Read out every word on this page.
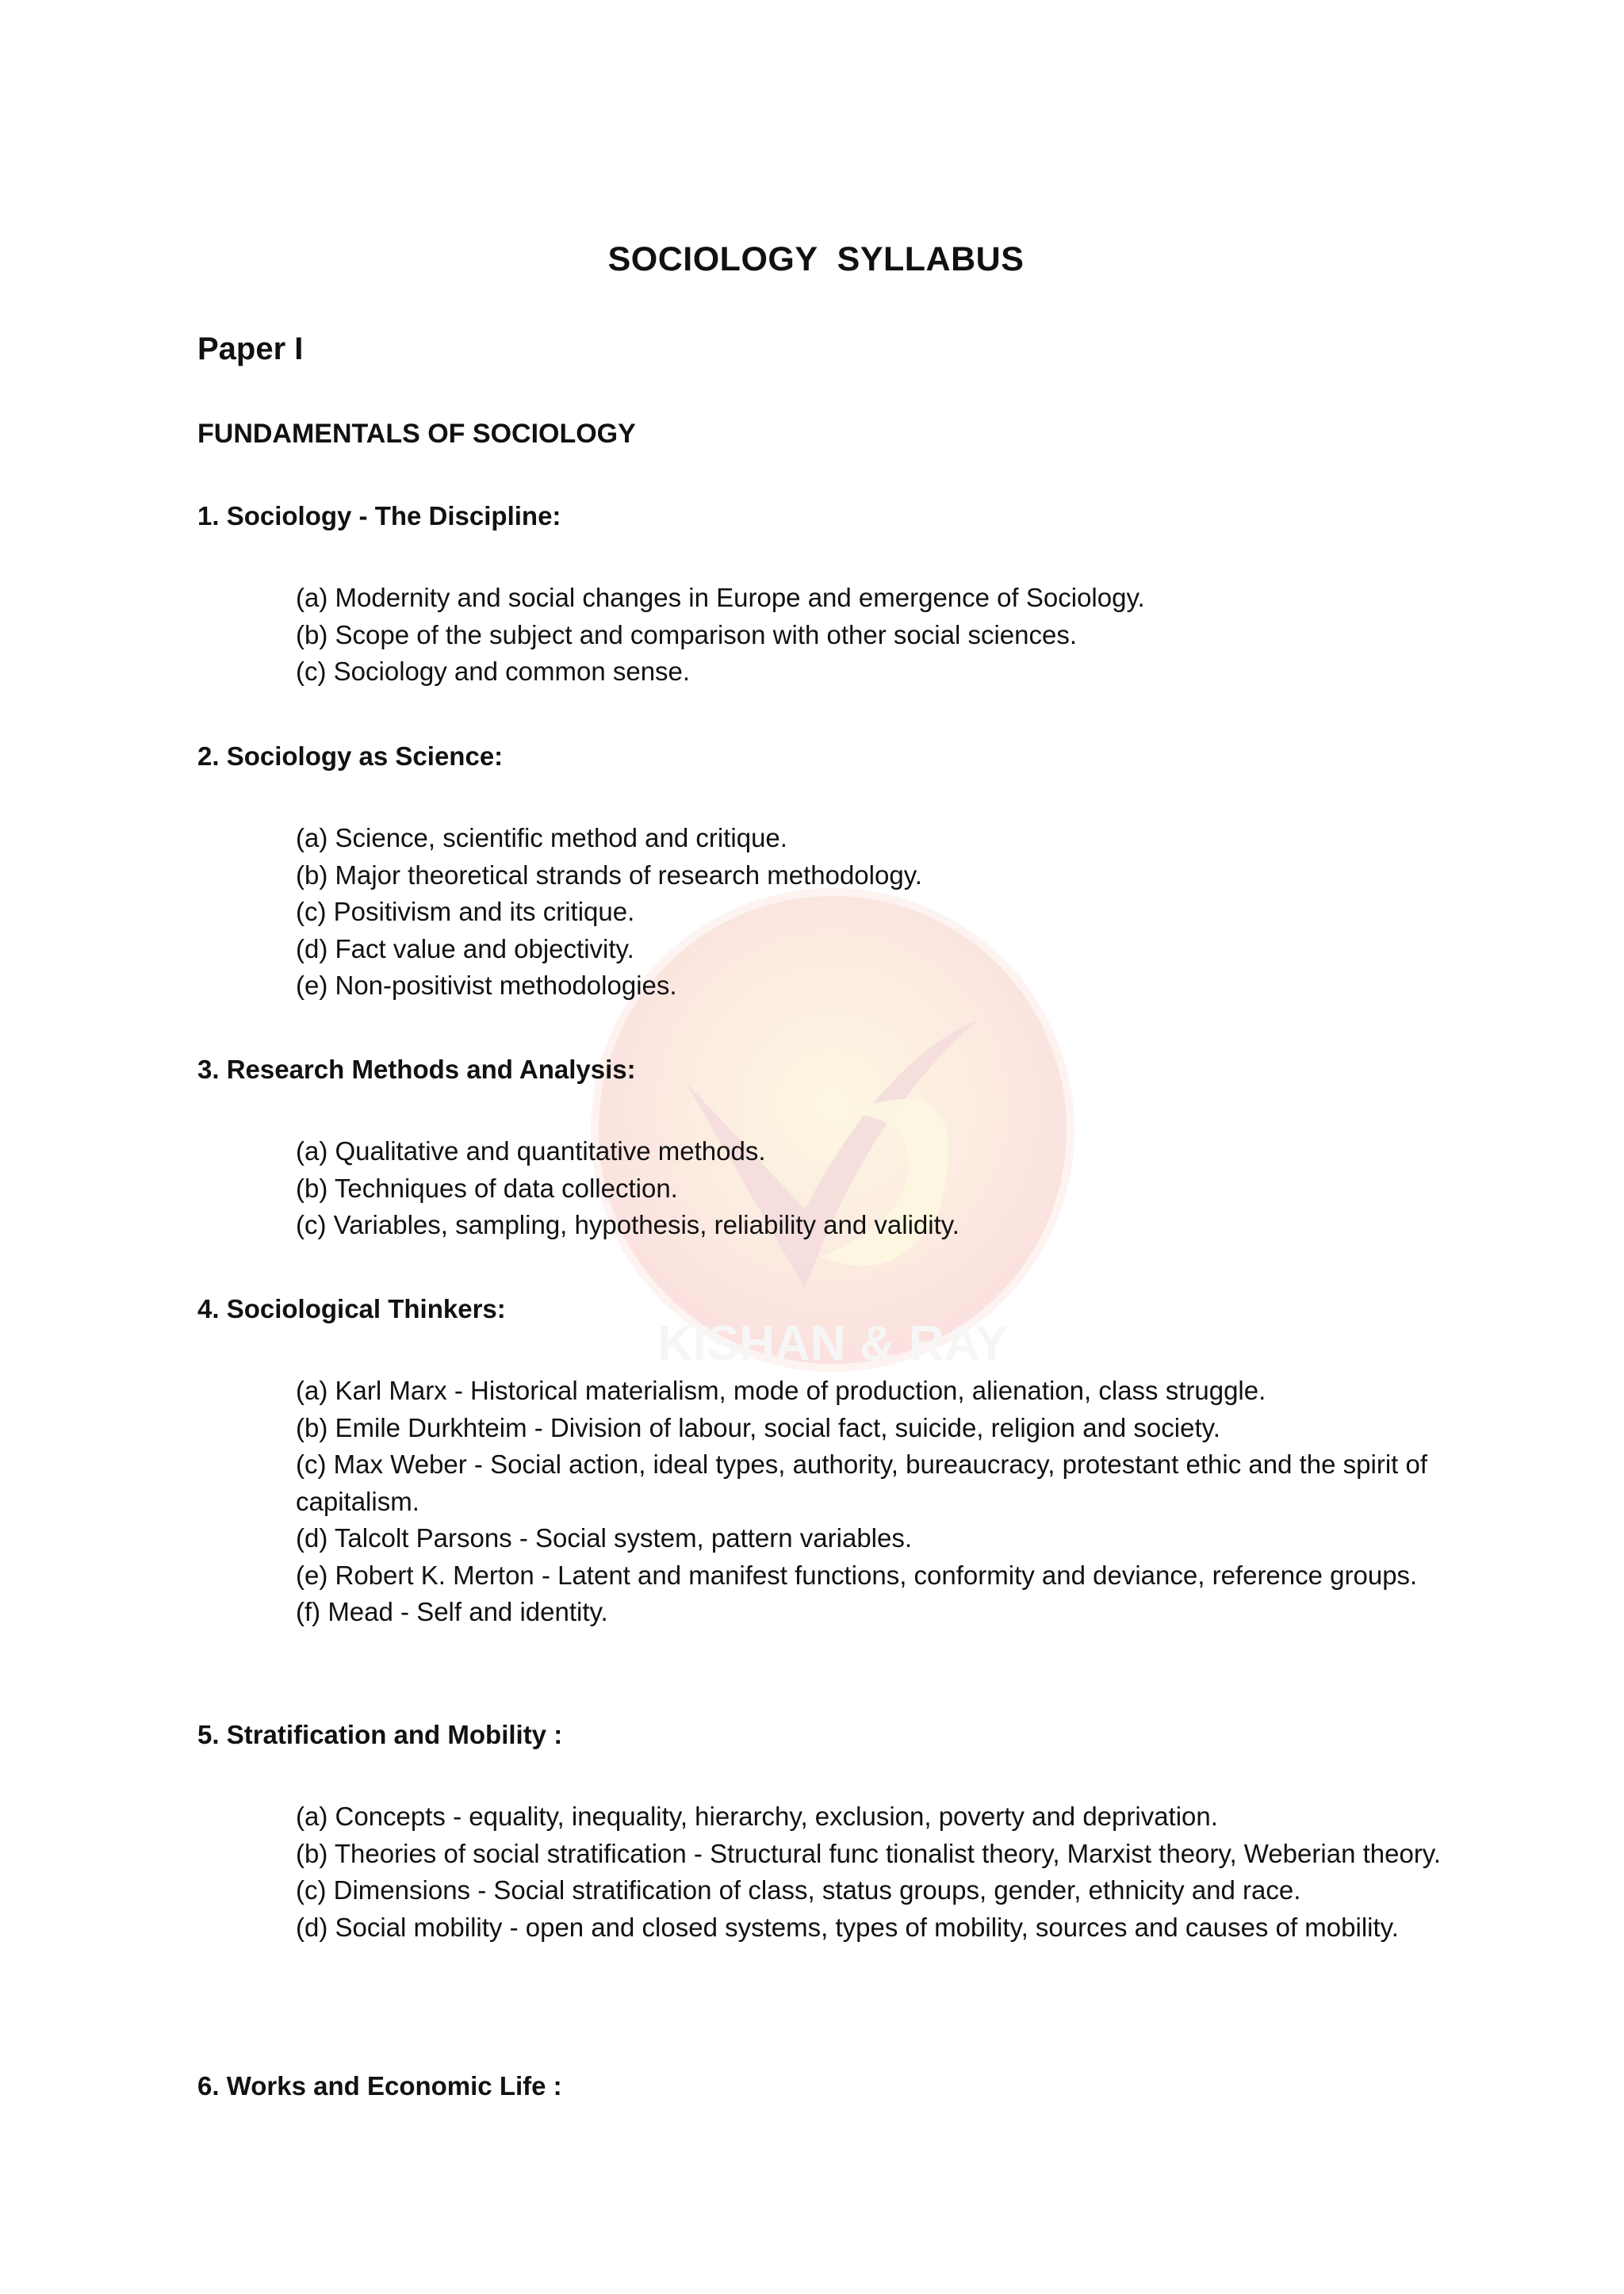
KISHAN & RAY
SOCIOLOGY  SYLLABUS
Paper I
FUNDAMENTALS OF SOCIOLOGY

1. Sociology - The Discipline:

(a) Modernity and social changes in Europe and emergence of Sociology.
(b) Scope of the subject and comparison with other social sciences.
(c) Sociology and common sense.

2. Sociology as Science:

(a) Science, scientific method and critique.
(b) Major theoretical strands of research methodology.
(c) Positivism and its critique.
(d) Fact value and objectivity.
(e) Non-positivist methodologies.

3. Research Methods and Analysis:

(a) Qualitative and quantitative methods.
(b) Techniques of data collection.
(c) Variables, sampling, hypothesis, reliability and validity.

4. Sociological Thinkers:

(a) Karl Marx - Historical materialism, mode of production, alienation, class struggle.
(b) Emile Durkhteim - Division of labour, social fact, suicide, religion and society.
(c) Max Weber - Social action, ideal types, authority, bureaucracy, protestant ethic and the spirit of capitalism.
(d) Talcolt Parsons - Social system, pattern variables.
(e) Robert K. Merton - Latent and manifest functions, conformity and deviance, reference groups.
(f) Mead - Self and identity.

5. Stratification and Mobility :

(a) Concepts - equality, inequality, hierarchy, exclusion, poverty and deprivation.
(b) Theories of social stratification - Structural func tionalist theory, Marxist theory, Weberian theory.
(c) Dimensions - Social stratification of class, status groups, gender, ethnicity and race.
(d) Social mobility - open and closed systems, types of mobility, sources and causes of mobility.

6. Works and Economic Life :
